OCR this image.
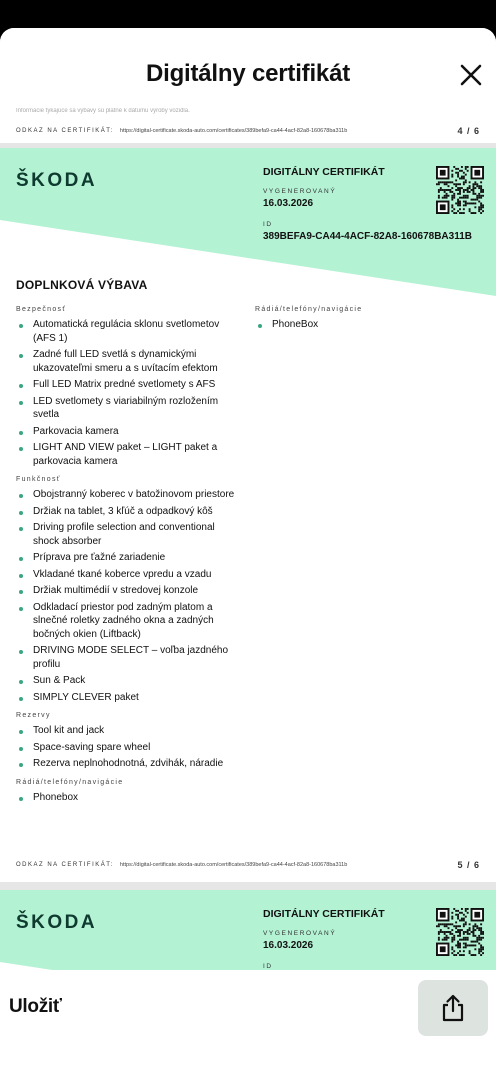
Digitálny certifikát
Informácie týkajúce sa výbavy sú platné k dátumu výroby vozidla.
ODKAZ NA CERTIFIKÁT: https://digital-certificate.skoda-auto.com/certificates/389befa9-ca44-4acf-82a8-160678ba311b	4 / 6
ŠKODA	DIGITÁLNY CERTIFIKÁT
VYGENEROVANÝ
16.03.2026
ID
389BEFA9-CA44-4ACF-82A8-160678BA311B
DOPLNKOVÁ VÝBAVA
Bezpečnosť
Automatická regulácia sklonu svetlometov (AFS 1)
Zadné full LED svetlá s dynamickými ukazovateľmi smeru a s uvítacím efektom
Full LED Matrix predné svetlomety s AFS
LED svetlomety s viariabilným rozložením svetla
Parkovacia kamera
LIGHT AND VIEW paket – LIGHT paket a parkovacia kamera
Funkčnosť
Obojstranný koberec v batožinovom priestore
Držiak na tablet, 3 kľúč a odpadkový kôš
Driving profile selection and conventional shock absorber
Príprava pre ťažné zariadenie
Vkladané tkané koberce vpredu a vzadu
Držiak multimédií v stredovej konzole
Odkladací priestor pod zadným platom a slnečné roletky zadného okna a zadných bočných okien (Liftback)
DRIVING MODE SELECT – voľba jazdného profilu
Sun & Pack
SIMPLY CLEVER paket
Rezervy
Tool kit and jack
Space-saving spare wheel
Rezerva neplnohodnotná, zdvihák, náradie
Rádiá/telefóny/navigácie
Phonebox
Rádiá/telefóny/navigácie
PhoneBox
ODKAZ NA CERTIFIKÁT: https://digital-certificate.skoda-auto.com/certificates/389befa9-ca44-4acf-82a8-160678ba311b	5 / 6
ŠKODA	DIGITÁLNY CERTIFIKÁT
VYGENEROVANÝ
16.03.2026
ID
Uložiť
